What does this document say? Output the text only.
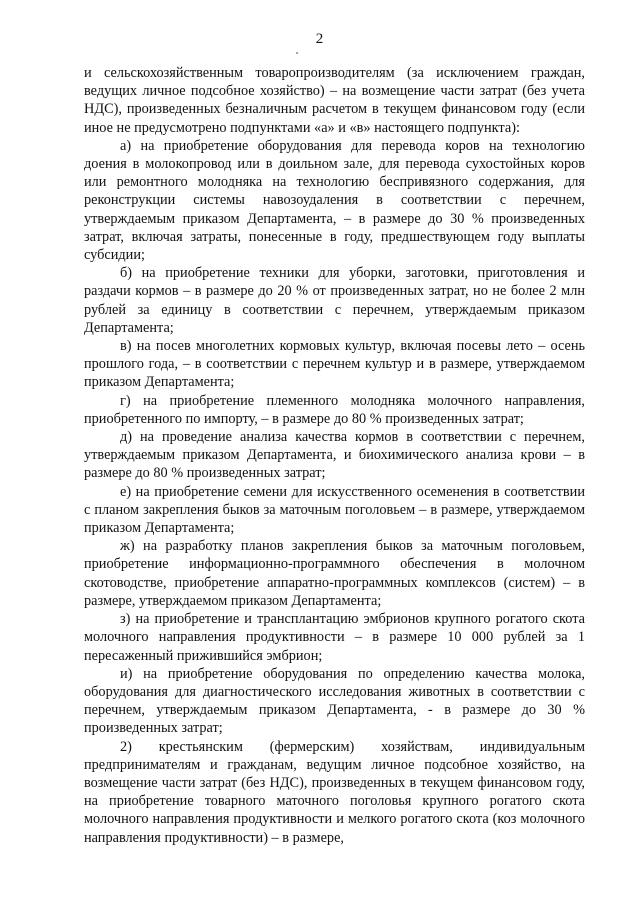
2

и сельскохозяйственным товаропроизводителям (за исключением граждан, ведущих личное подсобное хозяйство) – на возмещение части затрат (без учета НДС), произведенных безналичным расчетом в текущем финансовом году (если иное не предусмотрено подпунктами «а» и «в» настоящего подпункта):

а) на приобретение оборудования для перевода коров на технологию доения в молокопровод или в доильном зале, для перевода сухостойных коров или ремонтного молодняка на технологию беспривязного содержания, для реконструкции системы навозоудаления в соответствии с перечнем, утверждаемым приказом Департамента, – в размере до 30 % произведенных затрат, включая затраты, понесенные в году, предшествующем году выплаты субсидии;

б) на приобретение техники для уборки, заготовки, приготовления и раздачи кормов – в размере до 20 % от произведенных затрат, но не более 2 млн рублей за единицу в соответствии с перечнем, утверждаемым приказом Департамента;

в) на посев многолетних кормовых культур, включая посевы лето – осень прошлого года, – в соответствии с перечнем культур и в размере, утверждаемом приказом Департамента;

г) на приобретение племенного молодняка молочного направления, приобретенного по импорту, – в размере до 80 % произведенных затрат;

д) на проведение анализа качества кормов в соответствии с перечнем, утверждаемым приказом Департамента, и биохимического анализа крови – в размере до 80 % произведенных затрат;

е) на приобретение семени для искусственного осеменения в соответствии с планом закрепления быков за маточным поголовьем – в размере, утверждаемом приказом Департамента;

ж) на разработку планов закрепления быков за маточным поголовьем, приобретение информационно-программного обеспечения в молочном скотоводстве, приобретение аппаратно-программных комплексов (систем) – в размере, утверждаемом приказом Департамента;

з) на приобретение и трансплантацию эмбрионов крупного рогатого скота молочного направления продуктивности – в размере 10 000 рублей за 1 пересаженный прижившийся эмбрион;

и) на приобретение оборудования по определению качества молока, оборудования для диагностического исследования животных в соответствии с перечнем, утверждаемым приказом Департамента, - в размере до 30 % произведенных затрат;

2) крестьянским (фермерским) хозяйствам, индивидуальным предпринимателям и гражданам, ведущим личное подсобное хозяйство, на возмещение части затрат (без НДС), произведенных в текущем финансовом году, на приобретение товарного маточного поголовья крупного рогатого скота молочного направления продуктивности и мелкого рогатого скота (коз молочного направления продуктивности) – в размере,
